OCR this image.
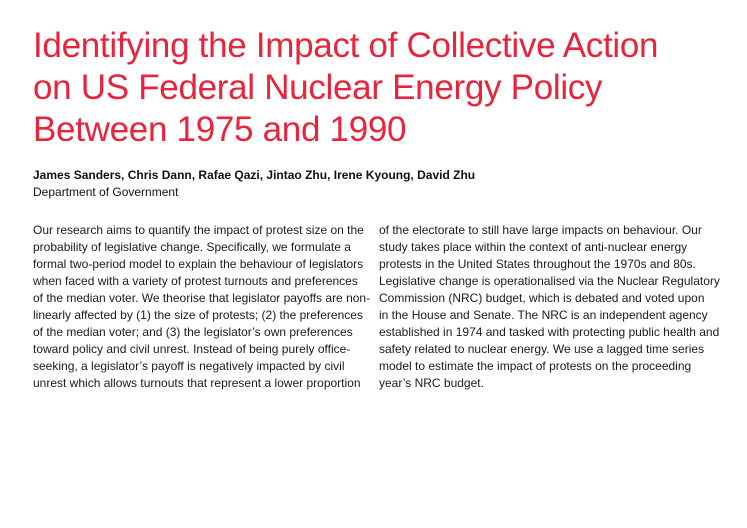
Identifying the Impact of Collective Action
on US Federal Nuclear Energy Policy
Between 1975 and 1990

James Sanders, Chris Dann, Rafae Qazi, Jintao Zhu, Irene Kyoung, David Zhu

Department of Government

Our research aims to quantify the impact of protest size on the
probability of legislative change. Specifically, we formulate a
formal two-period model to explain the behaviour of legislators
when faced with a variety of protest turnouts and preferences
of the median voter. We theorise that legislator payoffs are non-
linearly affected by (1) the size of protests; (2) the preferences
of the median voter; and (3) the legislator’s own preferences
toward policy and civil unrest. Instead of being purely office-
seeking, a legislator’s payoff is negatively impacted by civil
unrest which allows turnouts that represent a lower proportion
of the electorate to still have large impacts on behaviour. Our
study takes place within the context of anti-nuclear energy
protests in the United States throughout the 1970s and 80s.
Legislative change is operationalised via the Nuclear Regulatory
Commission (NRC) budget, which is debated and voted upon
in the House and Senate. The NRC is an independent agency
established in 1974 and tasked with protecting public health and
safety related to nuclear energy. We use a lagged time series
model to estimate the impact of protests on the proceeding
year’s NRC budget.
